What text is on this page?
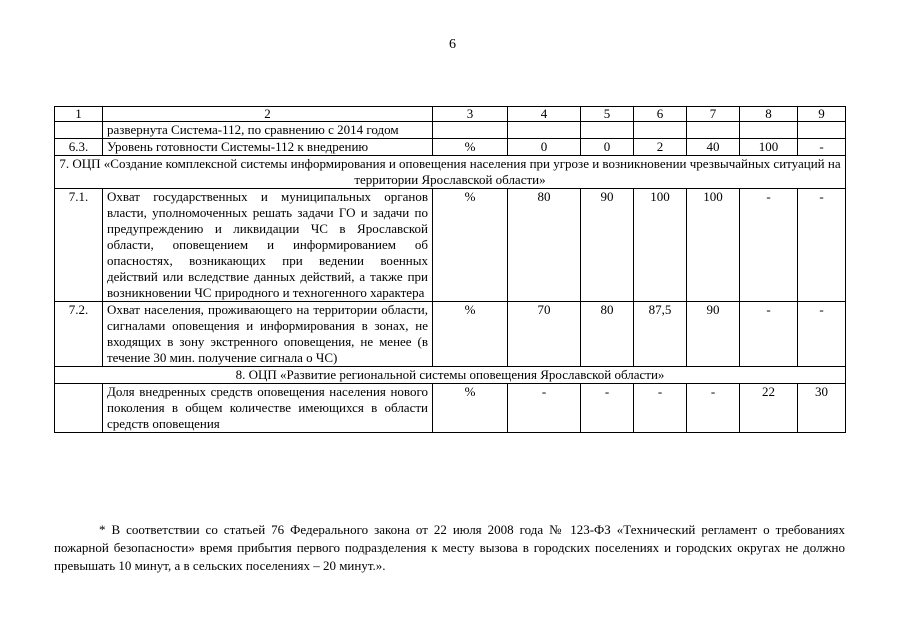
6
1	2	3	4	5	6	7	8	9
	развернута Система-112, по сравнению с 2014 годом							
6.3.	Уровень готовности Системы-112 к внедрению	%	0	0	2	40	100	-
7. ОЦП «Создание комплексной системы информирования и оповещения населения при угрозе и возникновении чрезвычайных ситуаций на территории Ярославской области»								
7.1.	Охват государственных и муниципальных органов власти, уполномоченных решать задачи ГО и задачи по предупреждению и ликвидации ЧС в Ярославской области, оповещением и информированием об опасностях, возникающих при ведении военных действий или вследствие данных действий, а также при возникновении ЧС природного и техногенного характера	%	80	90	100	100	-	-
7.2.	Охват населения, проживающего на территории области, сигналами оповещения и информирования в зонах, не входящих в зону экстренного оповещения, не менее (в течение 30 мин. получение сигнала о ЧС)	%	70	80	87,5	90	-	-
8. ОЦП «Развитие региональной системы оповещения Ярославской области»								
	Доля внедренных средств оповещения населения нового поколения в общем количестве имеющихся в области средств оповещения	%	-	-	-	-	22	30
* В соответствии со статьей 76 Федерального закона от 22 июля 2008 года № 123-ФЗ «Технический регламент о требованиях пожарной безопасности» время прибытия первого подразделения к месту вызова в городских поселениях и городских округах не должно превышать 10 минут, а в сельских поселениях – 20 минут.».
